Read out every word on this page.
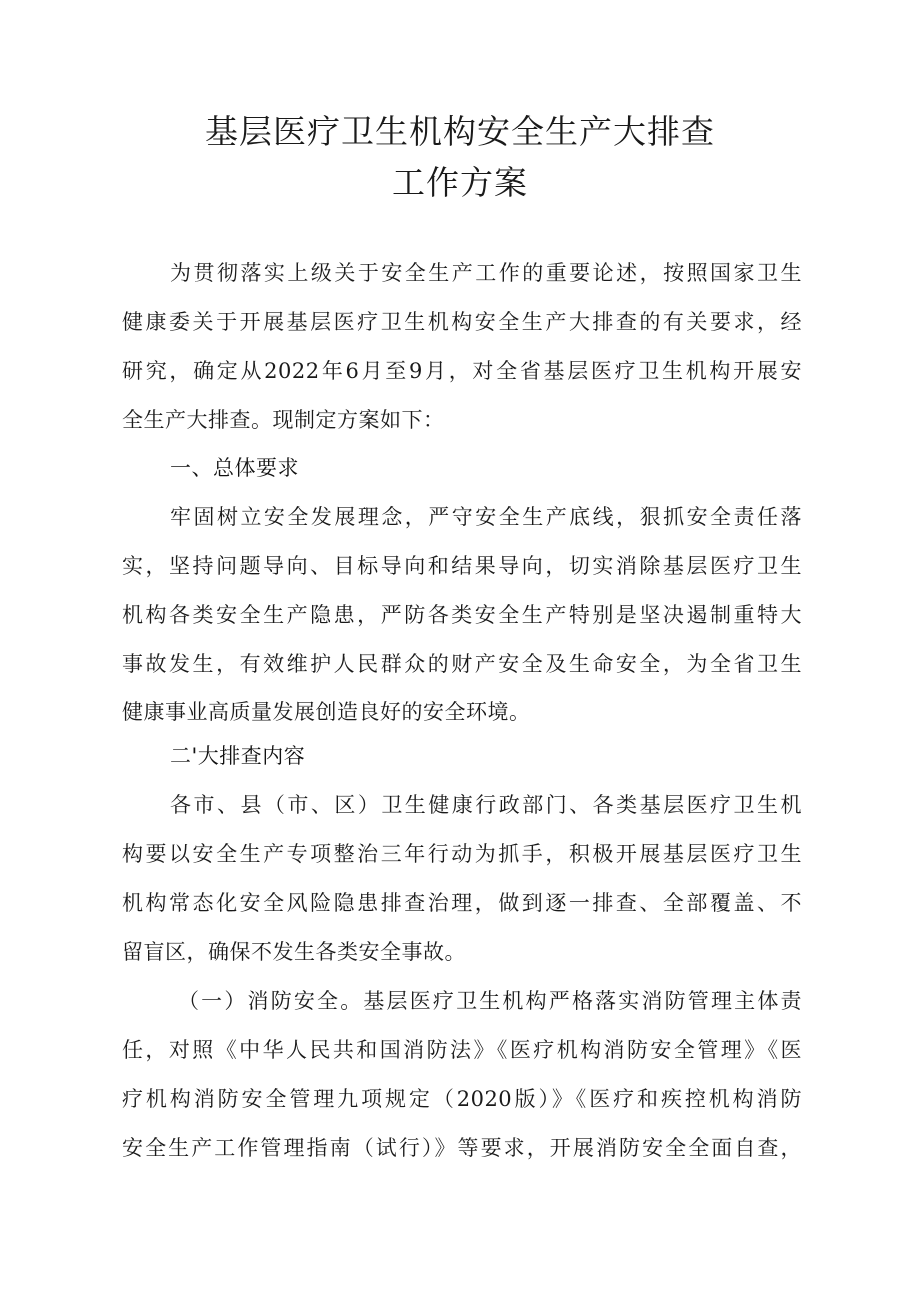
基层医疗卫生机构安全生产大排查
工作方案
为贯彻落实上级关于安全生产工作的重要论述，按照国家卫生
健康委关于开展基层医疗卫生机构安全生产大排查的有关要求，经
研究，确定从2022年6月至9月，对全省基层医疗卫生机构开展安
全生产大排查。现制定方案如下：
一、总体要求
牢固树立安全发展理念，严守安全生产底线，狠抓安全责任落
实，坚持问题导向、目标导向和结果导向，切实消除基层医疗卫生
机构各类安全生产隐患，严防各类安全生产特别是坚决遏制重特大
事故发生，有效维护人民群众的财产安全及生命安全，为全省卫生
健康事业高质量发展创造良好的安全环境。
二'大排查内容
各市、县（市、区）卫生健康行政部门、各类基层医疗卫生机
构要以安全生产专项整治三年行动为抓手，积极开展基层医疗卫生
机构常态化安全风险隐患排查治理，做到逐一排查、全部覆盖、不
留盲区，确保不发生各类安全事故。
（一）消防安全。基层医疗卫生机构严格落实消防管理主体责
任，对照《中华人民共和国消防法》《医疗机构消防安全管理》《医
疗机构消防安全管理九项规定（2020版）》《医疗和疾控机构消防
安全生产工作管理指南（试行）》等要求，开展消防安全全面自查，
